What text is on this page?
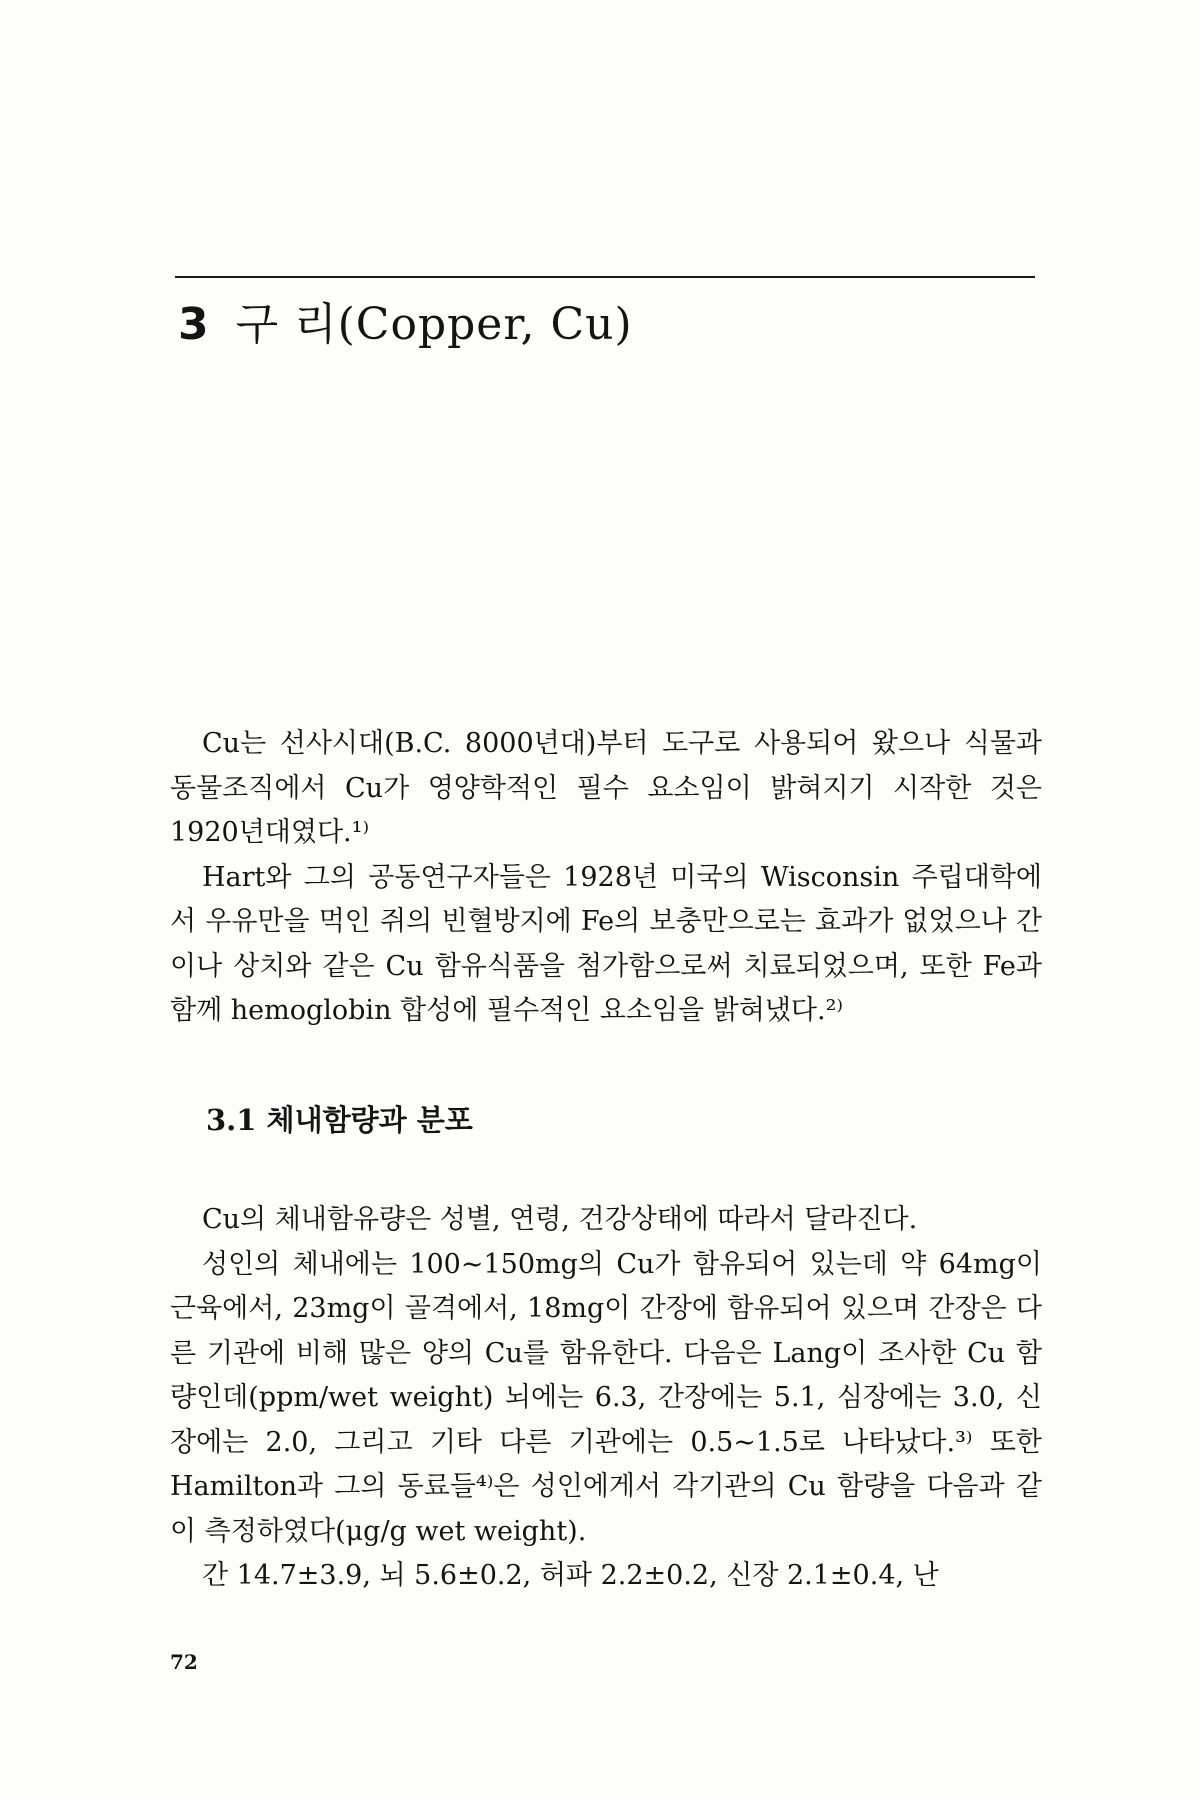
3 구 리(Copper, Cu)

Cu는 선사시대(B.C. 8000년대)부터 도구로 사용되어 왔으나 식물과 동물조직에서 Cu가 영양학적인 필수 요소임이 밝혀지기 시작한 것은 1920년대였다.¹⁾

Hart와 그의 공동연구자들은 1928년 미국의 Wisconsin 주립대학에서 우유만을 먹인 쥐의 빈혈방지에 Fe의 보충만으로는 효과가 없었으나 간이나 상치와 같은 Cu 함유식품을 첨가함으로써 치료되었으며, 또한 Fe과 함께 hemoglobin 합성에 필수적인 요소임을 밝혀냈다.²⁾

3.1 체내함량과 분포

Cu의 체내함유량은 성별, 연령, 건강상태에 따라서 달라진다.

성인의 체내에는 100∼150mg의 Cu가 함유되어 있는데 약 64mg이 근육에서, 23mg이 골격에서, 18mg이 간장에 함유되어 있으며 간장은 다른 기관에 비해 많은 양의 Cu를 함유한다. 다음은 Lang이 조사한 Cu 함량인데(ppm/wet weight) 뇌에는 6.3, 간장에는 5.1, 심장에는 3.0, 신장에는 2.0, 그리고 기타 다른 기관에는 0.5∼1.5로 나타났다.³⁾ 또한 Hamilton과 그의 동료들⁴⁾은 성인에게서 각기관의 Cu 함량을 다음과 같이 측정하였다(μg/g wet weight).

간 14.7±3.9, 뇌 5.6±0.2, 허파 2.2±0.2, 신장 2.1±0.4, 난

72
